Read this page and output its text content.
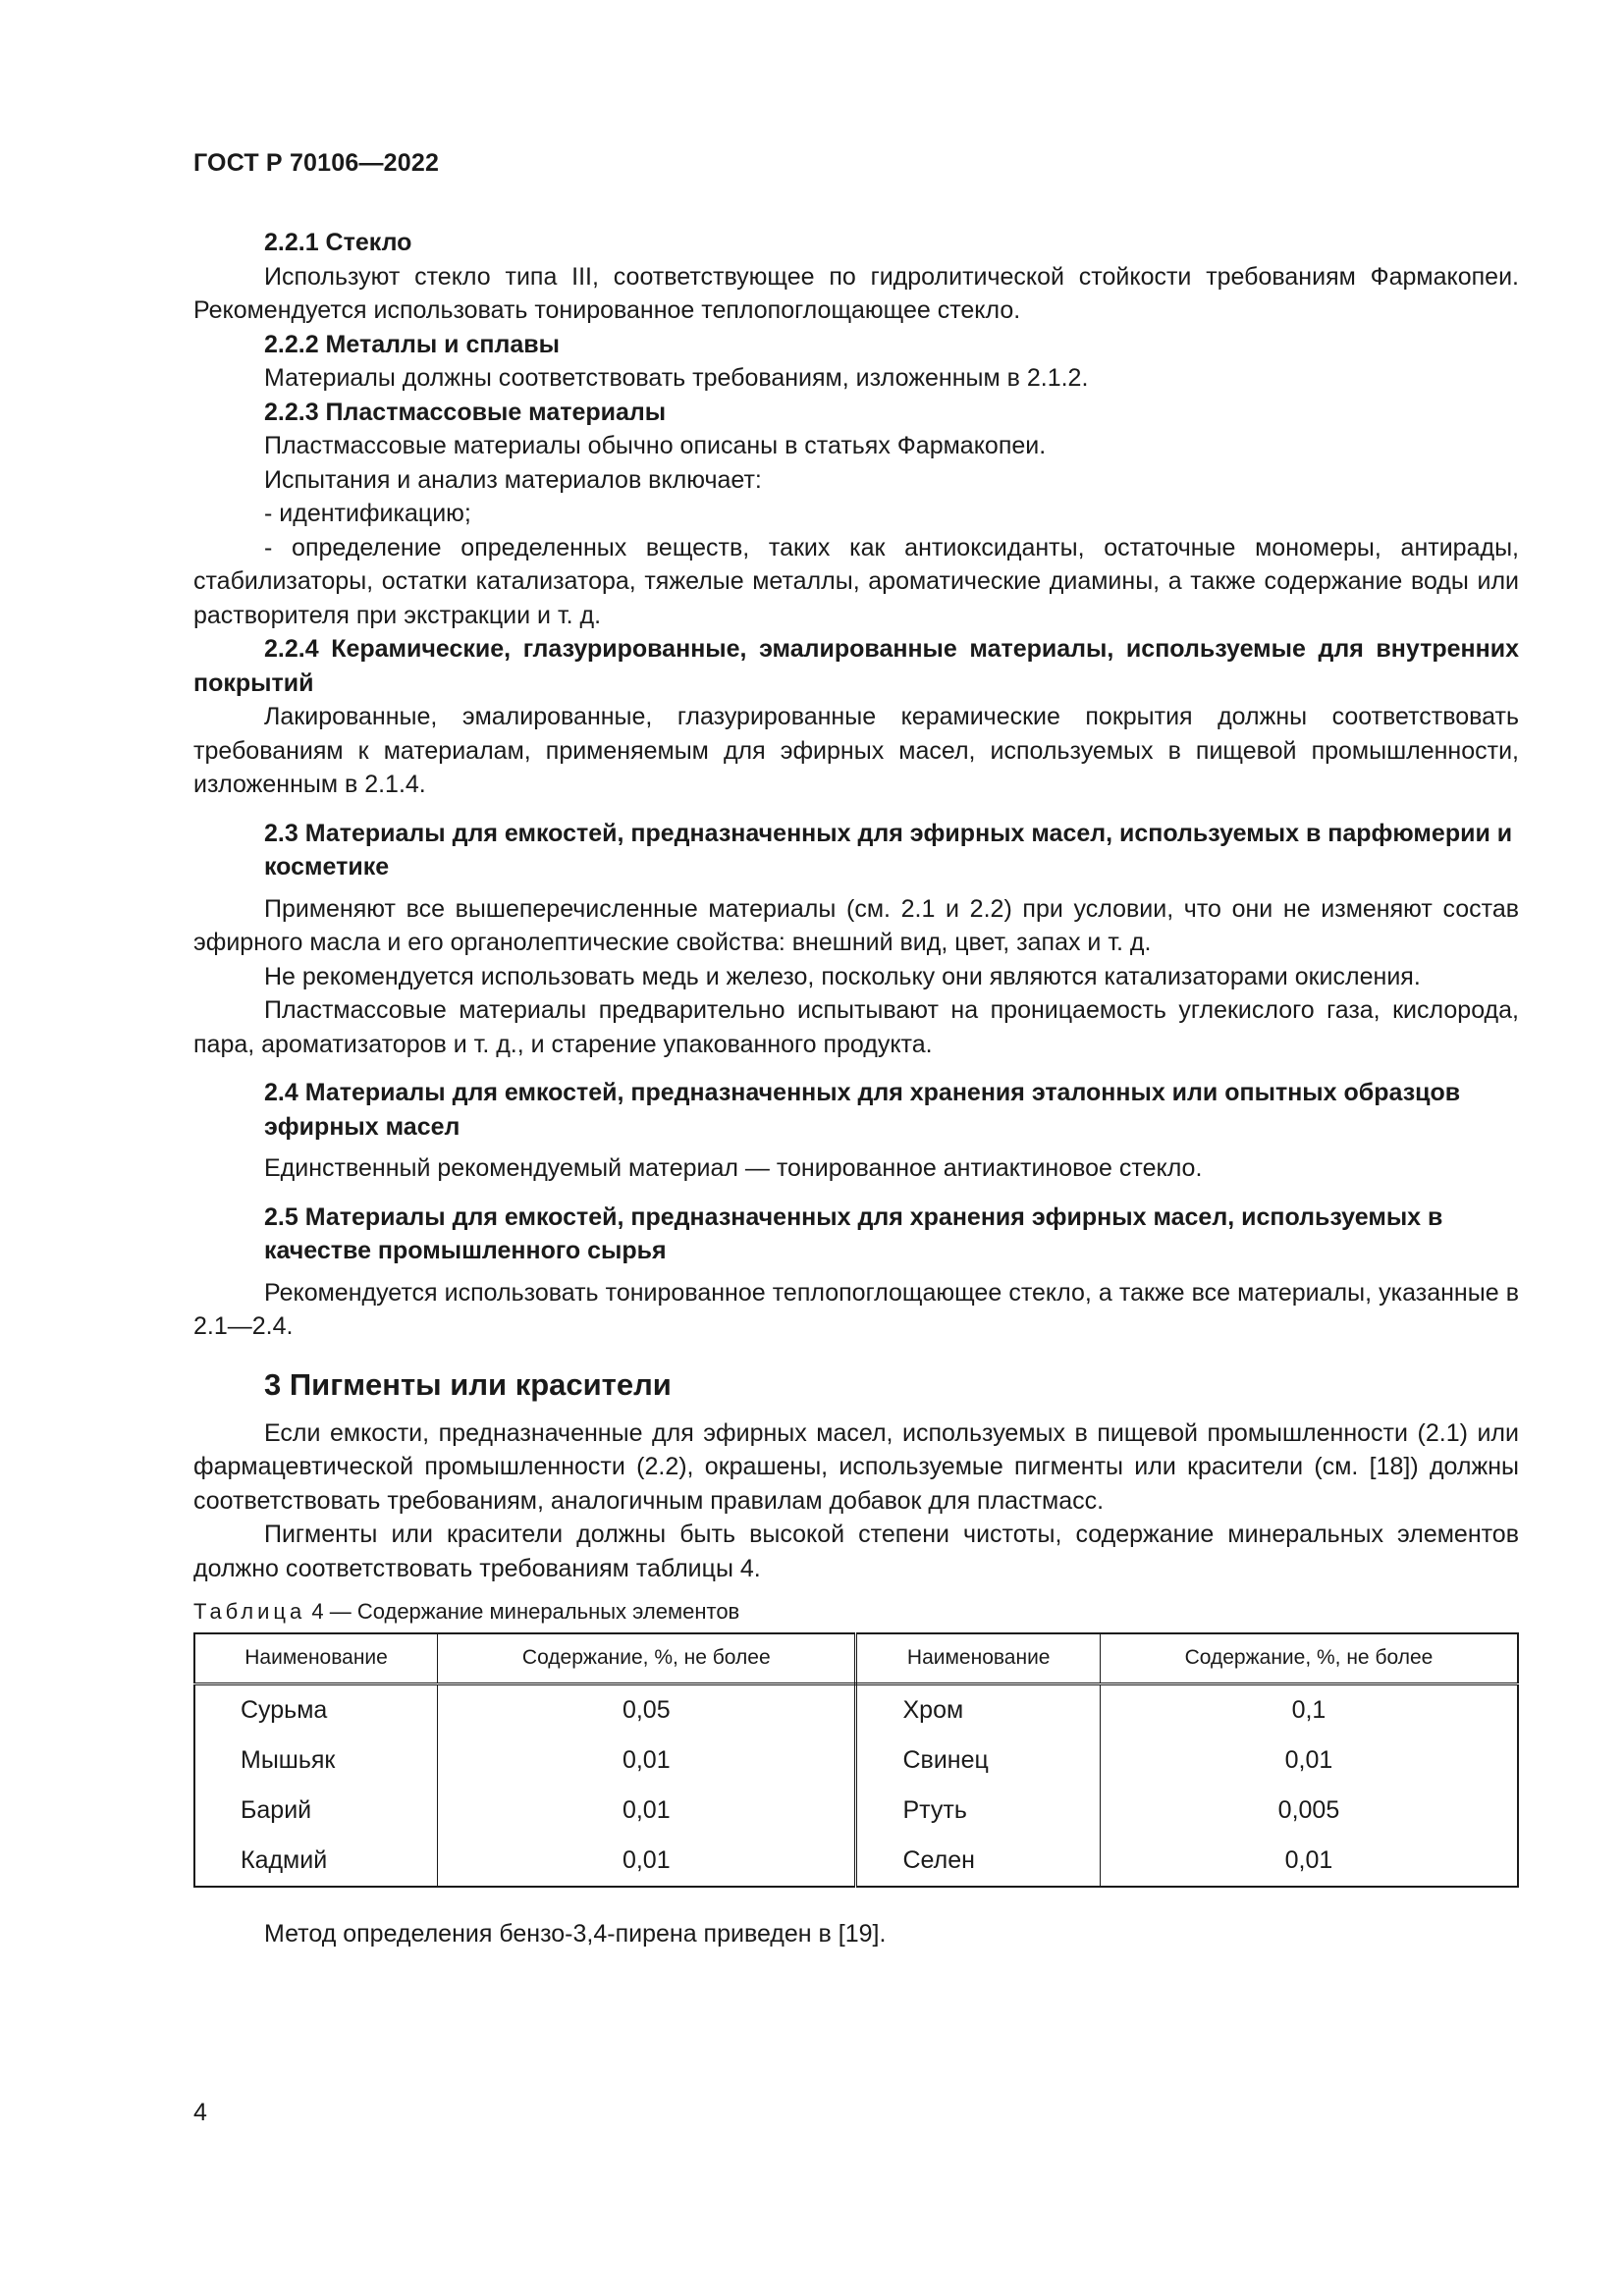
ГОСТ Р 70106—2022
2.2.1 Стекло

Используют стекло типа III, соответствующее по гидролитической стойкости требованиям Фармакопеи. Рекомендуется использовать тонированное теплопоглощающее стекло.

2.2.2 Металлы и сплавы

Материалы должны соответствовать требованиям, изложенным в 2.1.2.

2.2.3 Пластмассовые материалы

Пластмассовые материалы обычно описаны в статьях Фармакопеи.

Испытания и анализ материалов включает:

- идентификацию;

- определение определенных веществ, таких как антиоксиданты, остаточные мономеры, антирады, стабилизаторы, остатки катализатора, тяжелые металлы, ароматические диамины, а также содержание воды или растворителя при экстракции и т. д.

2.2.4 Керамические, глазурированные, эмалированные материалы, используемые для внутренних покрытий

Лакированные, эмалированные, глазурированные керамические покрытия должны соответствовать требованиям к материалам, применяемым для эфирных масел, используемых в пищевой промышленности, изложенным в 2.1.4.

2.3 Материалы для емкостей, предназначенных для эфирных масел, используемых в парфюмерии и косметике

Применяют все вышеперечисленные материалы (см. 2.1 и 2.2) при условии, что они не изменяют состав эфирного масла и его органолептические свойства: внешний вид, цвет, запах и т. д.

Не рекомендуется использовать медь и железо, поскольку они являются катализаторами окисления.

Пластмассовые материалы предварительно испытывают на проницаемость углекислого газа, кислорода, пара, ароматизаторов и т. д., и старение упакованного продукта.

2.4 Материалы для емкостей, предназначенных для хранения эталонных или опытных образцов эфирных масел

Единственный рекомендуемый материал — тонированное антиактиновое стекло.

2.5 Материалы для емкостей, предназначенных для хранения эфирных масел, используемых в качестве промышленного сырья

Рекомендуется использовать тонированное теплопоглощающее стекло, а также все материалы, указанные в 2.1—2.4.

3 Пигменты или красители

Если емкости, предназначенные для эфирных масел, используемых в пищевой промышленности (2.1) или фармацевтической промышленности (2.2), окрашены, используемые пигменты или красители (см. [18]) должны соответствовать требованиям, аналогичным правилам добавок для пластмасс.

Пигменты или красители должны быть высокой степени чистоты, содержание минеральных элементов должно соответствовать требованиям таблицы 4.

Таблица 4 — Содержание минеральных элементов
Наименование	Содержание, %, не более	Наименование	Содержание, %, не более
Сурьма	0,05	Хром	0,1
Мышьяк	0,01	Свинец	0,01
Барий	0,01	Ртуть	0,005
Кадмий	0,01	Селен	0,01

Метод определения бензо-3,4-пирена приведен в [19].

4
